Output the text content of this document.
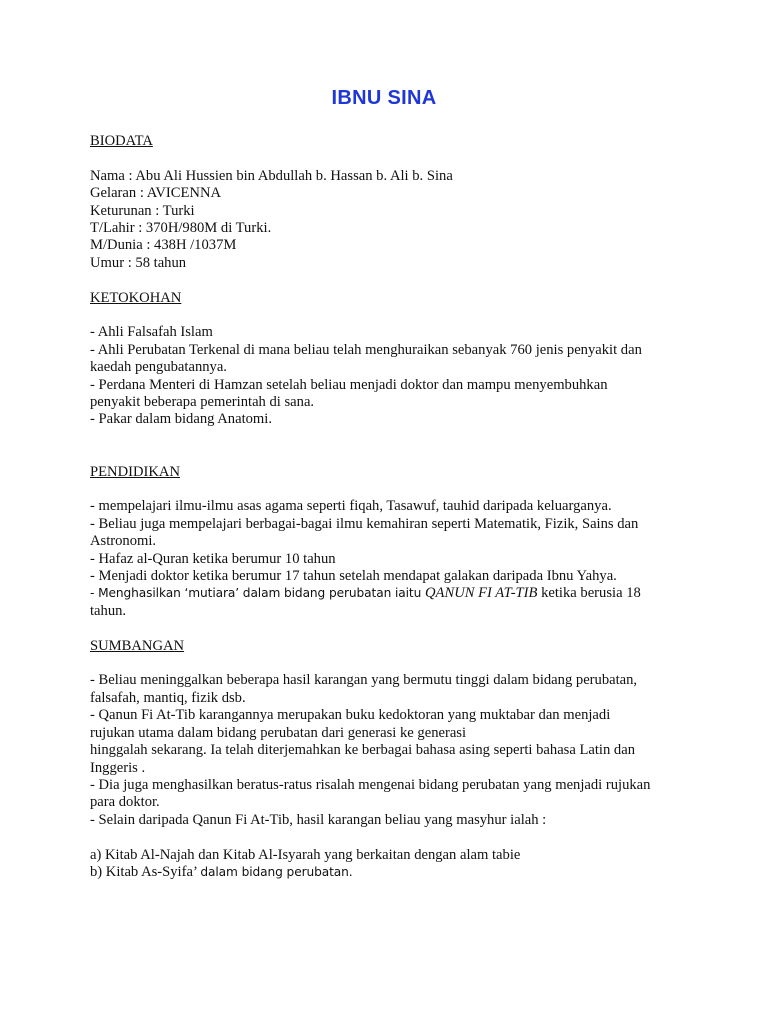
IBNU SINA

BIODATA

Nama : Abu Ali Hussien bin Abdullah b. Hassan b. Ali b. Sina

Gelaran : AVICENNA

Keturunan : Turki

T/Lahir : 370H/980M di Turki.

M/Dunia : 438H /1037M

Umur : 58 tahun

KETOKOHAN

- Ahli Falsafah Islam

- Ahli Perubatan Terkenal di mana beliau telah menghuraikan sebanyak 760 jenis penyakit dan

kaedah pengubatannya.

- Perdana Menteri di Hamzan setelah beliau menjadi doktor dan mampu menyembuhkan

penyakit beberapa pemerintah di sana.

- Pakar dalam bidang Anatomi.

PENDIDIKAN

- mempelajari ilmu-ilmu asas agama seperti fiqah, Tasawuf, tauhid daripada keluarganya.

- Beliau juga mempelajari berbagai-bagai ilmu kemahiran seperti Matematik, Fizik, Sains dan

Astronomi.

- Hafaz al-Quran ketika berumur 10 tahun

- Menjadi doktor ketika berumur 17 tahun setelah mendapat galakan daripada Ibnu Yahya.

- Menghasilkan ‘mutiara’ dalam bidang perubatan iaitu QANUN FI AT-TIB ketika berusia 18

tahun.

SUMBANGAN

- Beliau meninggalkan beberapa hasil karangan yang bermutu tinggi dalam bidang perubatan,

falsafah, mantiq, fizik dsb.

- Qanun Fi At-Tib karangannya merupakan buku kedoktoran yang muktabar dan menjadi

rujukan utama dalam bidang perubatan dari generasi ke generasi

hinggalah sekarang. Ia telah diterjemahkan ke berbagai bahasa asing seperti bahasa Latin dan

Inggeris .

- Dia juga menghasilkan beratus-ratus risalah mengenai bidang perubatan yang menjadi rujukan

para doktor.

- Selain daripada Qanun Fi At-Tib, hasil karangan beliau yang masyhur ialah :

a) Kitab Al-Najah dan Kitab Al-Isyarah yang berkaitan dengan alam tabie

b) Kitab As-Syifa’ dalam bidang perubatan.
